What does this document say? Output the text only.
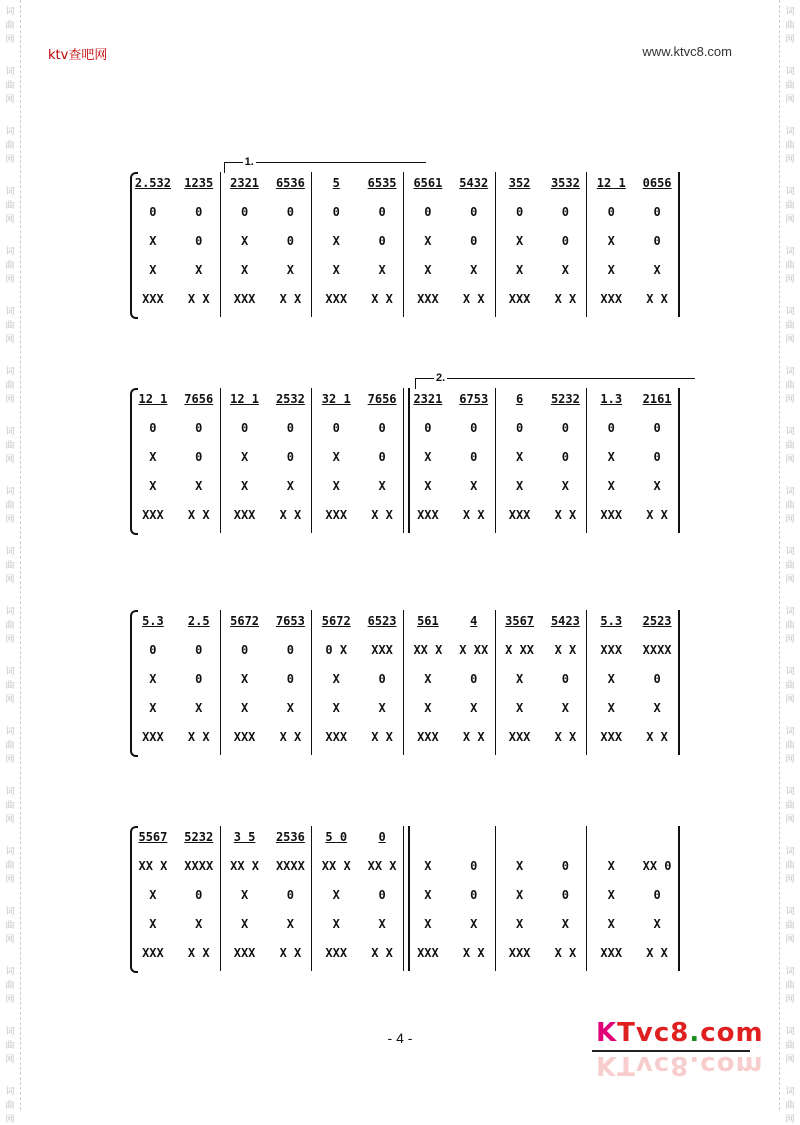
词
曲
网
词
曲
网
词
曲
网
词
曲
网
词
曲
网
词
曲
网
词
曲
网
词
曲
网
词
曲
网
词
曲
网
词
曲
网
词
曲
网
词
曲
网
词
曲
网
词
曲
网
词
曲
网
词
曲
网
词
曲
网
词
曲
网
词
曲
网
词
曲
网
词
曲
网
词
曲
网
词
曲
网
词
曲
网
词
曲
网
词
曲
网
词
曲
网
词
曲
网
词
曲
网
词
曲
网
词
曲
网
词
曲
网
词
曲
网
词
曲
网
词
曲
网
词
曲
网
词
曲
网
ktv查吧网	www.ktvc8.com
1.
2.532
0
X
X
XXX
1235
0
0
X
X X
2321
0
X
X
XXX
6536
0
0
X
X X
5
0
X
X
XXX
6535
0
0
X
X X
6561
0
X
X
XXX
5432
0
0
X
X X
352
0
X
X
XXX
3532
0
0
X
X X
12 1
0
X
X
XXX
0656
0
0
X
X X
2.
12 1
0
X
X
XXX
7656
0
0
X
X X
12 1
0
X
X
XXX
2532
0
0
X
X X
32 1
0
X
X
XXX
7656
0
0
X
X X
2321
0
X
X
XXX
6753
0
0
X
X X
6
0
X
X
XXX
5232
0
0
X
X X
1.3
0
X
X
XXX
2161
0
0
X
X X
5.3
0
X
X
XXX
2.5
0
0
X
X X
5672
0
X
X
XXX
7653
0
0
X
X X
5672
0 X
X
X
XXX
6523
XXX
0
X
X X
561
XX X
X
X
XXX
4
X XX
0
X
X X
3567
X XX
X
X
XXX
5423
X X
0
X
X X
5.3
XXX
X
X
XXX
2523
XXXX
0
X
X X
5567
XX X
X
X
XXX
5232
XXXX
0
X
X X
3 5
XX X
X
X
XXX
2536
XXXX
0
X
X X
5 0
XX X
X
X
XXX
0
XX X
0
X
X X
X
X
X
XXX
0
0
X
X X
X
X
X
XXX
0
0
X
X X
X
X
X
XXX
XX 0
0
X
X X
- 4 -	KTvc8.com
KTvc8.com
